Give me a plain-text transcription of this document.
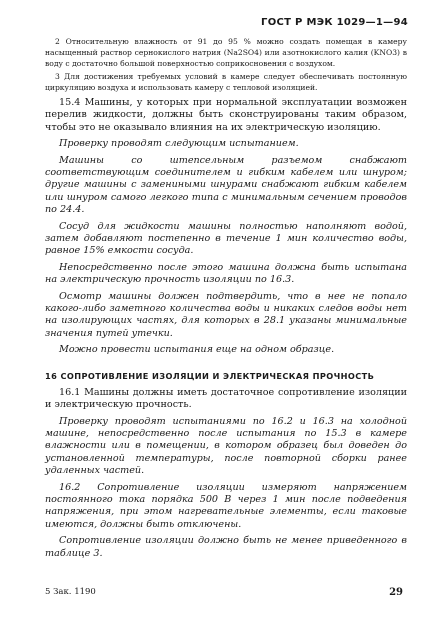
ГОСТ Р МЭК 1029—1—94

2 Относительную влажность от 91 до 95 % можно создать помещая в камеру насыщенный раствор сернокислого натрия (Na2SO4) или азотнокислого калия (KNO3) в воду с достаточно большой поверхностью соприкосновения с воздухом.

3 Для достижения требуемых условий в камере следует обеспечивать постоянную циркуляцию воздуха и использовать камеру с тепловой изоляцией.

15.4 Машины, у которых при нормальной эксплуатации возможен перелив жидкости, должны быть сконструированы таким образом, чтобы это не оказывало влияния на их электрическую изоляцию.

Проверку проводят следующим испытанием.

Машины со штепсельным разъемом снабжают соответствующим соединителем и гибким кабелем или шнуром; другие машины с замениными шнурами снабжают гибким кабелем или шнуром самого легкого типа с минимальным сечением проводов по 24.4.

Сосуд для жидкости машины полностью наполняют водой, затем добавляют постепенно в течение 1 мин количество воды, равное 15% емкости сосуда.

Непосредственно после этого машина должна быть испытана на электрическую прочность изоляции по 16.3.

Осмотр машины должен подтвердить, что в нее не попало какого-либо заметного количества воды и никаких следов воды нет на изолирующих частях, для которых в 28.1 указаны минимальные значения путей утечки.

Можно провести испытания еще на одном образце.

16 СОПРОТИВЛЕНИЕ ИЗОЛЯЦИИ И ЭЛЕКТРИЧЕСКАЯ ПРОЧНОСТЬ

16.1 Машины должны иметь достаточное сопротивление изоляции и электрическую прочность.

Проверку проводят испытаниями по 16.2 и 16.3 на холодной машине, непосредственно после испытания по 15.3 в камере влажности или в помещении, в котором образец был доведен до установленной температуры, после повторной сборки ранее удаленных частей.

16.2 Сопротивление изоляции измеряют напряжением постоянного тока порядка 500 В через 1 мин после подведения напряжения, при этом нагревательные элементы, если таковые имеются, должны быть отключены.

Сопротивление изоляции должно быть не менее приведенного в таблице 3.

5 Зак. 1190	29
